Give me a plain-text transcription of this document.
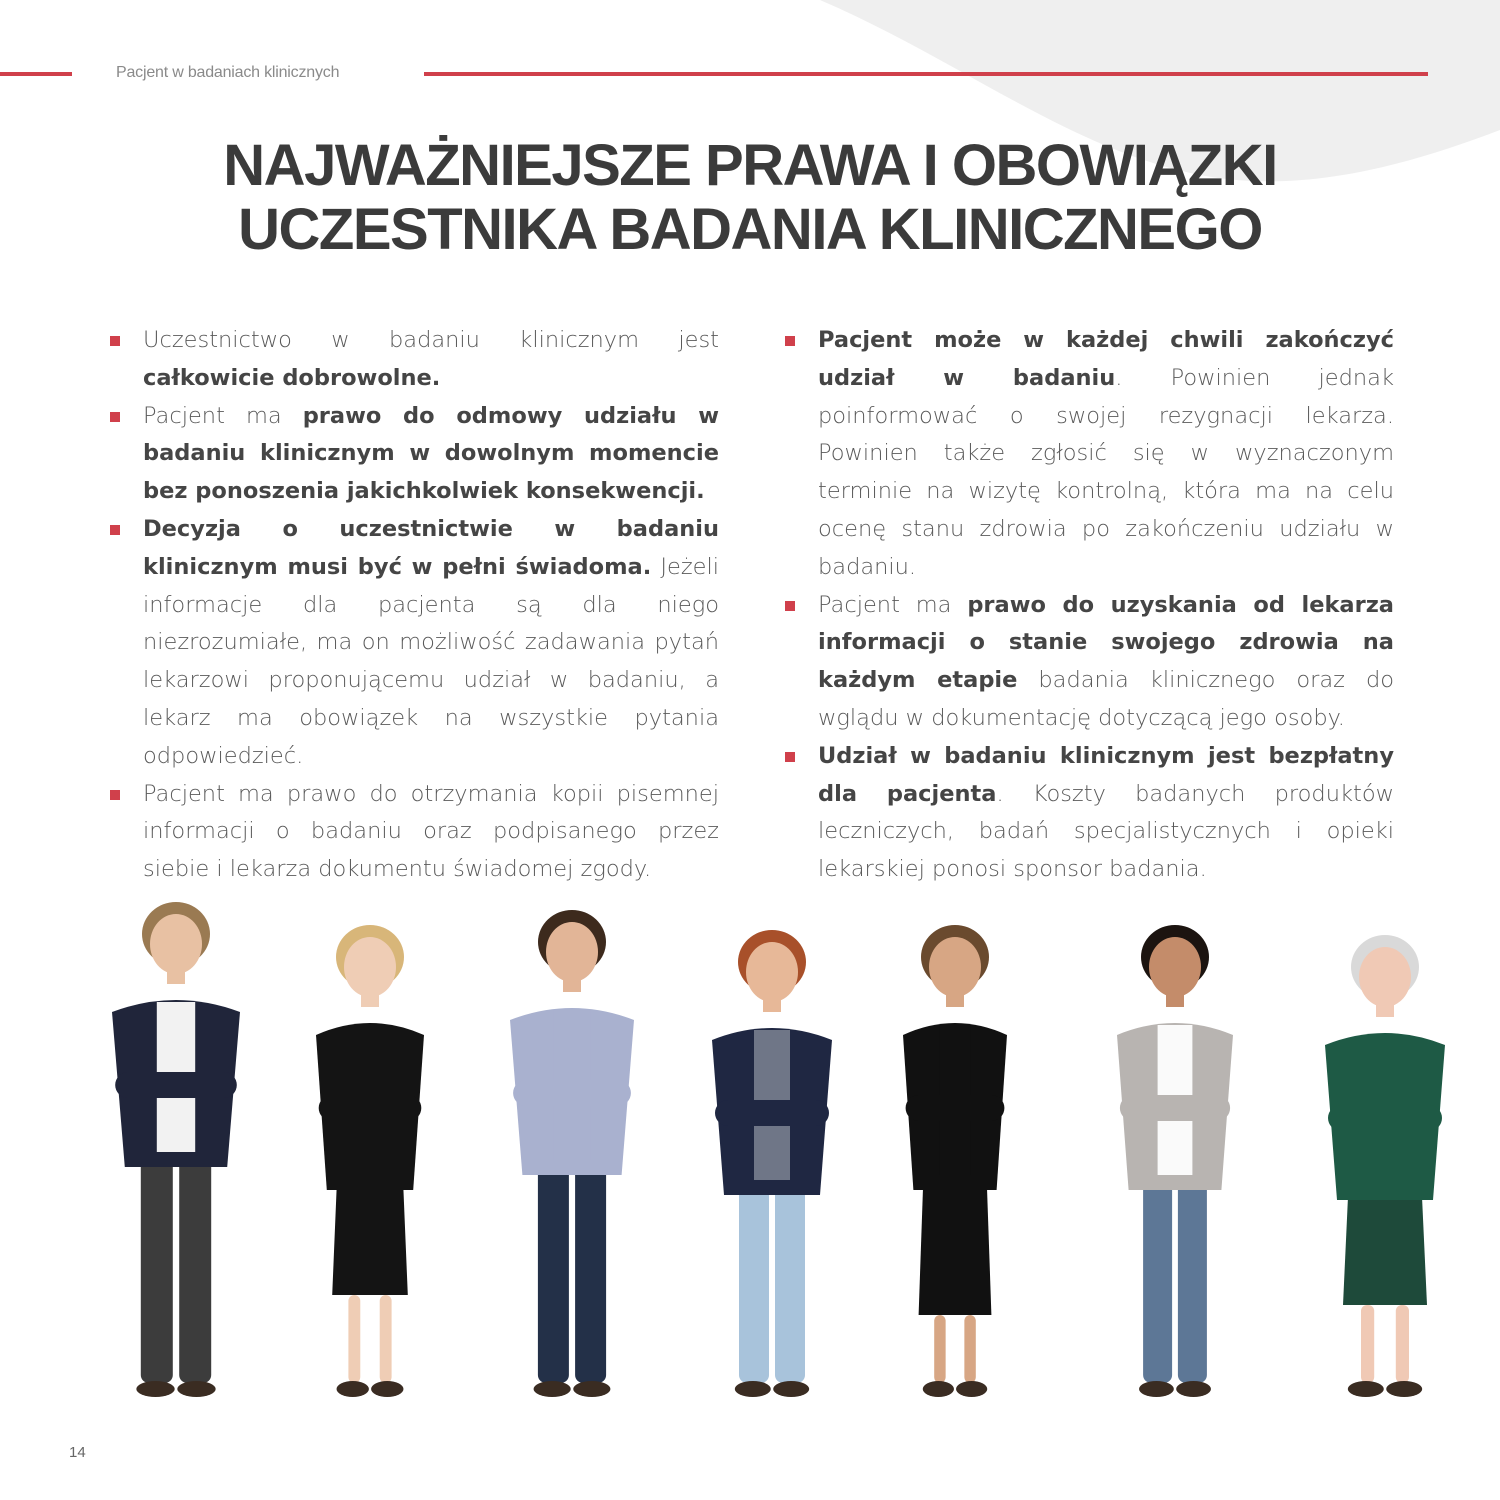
Pacjent w badaniach klinicznych
NAJWAŻNIEJSZE PRAWA I OBOWIĄZKI
UCZESTNIKA BADANIA KLINICZNEGO
Uczestnictwo w badaniu klinicznym jest całkowicie dobrowolne.
Pacjent ma prawo do odmowy udziału w badaniu klinicznym w dowolnym momencie bez ponoszenia jakichkolwiek konsekwencji.
Decyzja o uczestnictwie w badaniu klinicznym musi być w pełni świadoma. Jeżeli informacje dla pacjenta są dla niego niezrozumiałe, ma on możliwość zadawania pytań lekarzowi proponującemu udział w badaniu, a lekarz ma obowiązek na wszystkie pytania odpowiedzieć.
Pacjent ma prawo do otrzymania kopii pisemnej informacji o badaniu oraz podpisanego przez siebie i lekarza dokumentu świadomej zgody.
Pacjent może w każdej chwili zakończyć udział w badaniu. Powinien jednak poinformować o swojej rezygnacji lekarza. Powinien także zgłosić się w wyznaczonym terminie na wizytę kontrolną, która ma na celu ocenę stanu zdrowia po zakończeniu udziału w badaniu.
Pacjent ma prawo do uzyskania od lekarza informacji o stanie swojego zdrowia na każdym etapie badania klinicznego oraz do wglądu w dokumentację dotyczącą jego osoby.
Udział w badaniu klinicznym jest bezpłatny dla pacjenta. Koszty badanych produktów leczniczych, badań specjalistycznych i opieki lekarskiej ponosi sponsor badania.
14
